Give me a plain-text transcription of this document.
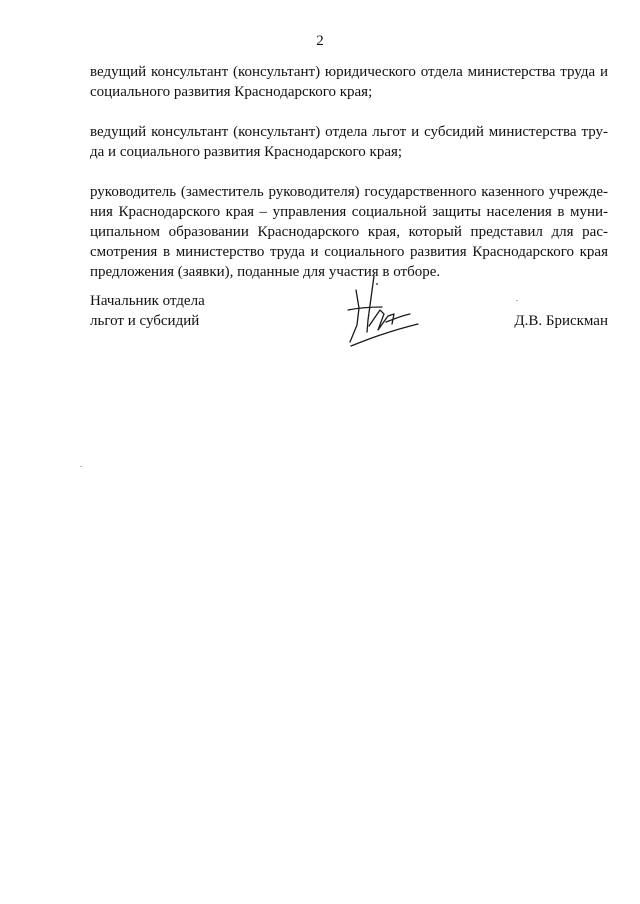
2

ведущий консультант (консультант) юридического отдела министерства труда и
социального развития Краснодарского края;

ведущий консультант (консультант) отдела льгот и субсидий министерства тру-
да и социального развития Краснодарского края;

руководитель (заместитель руководителя) государственного казенного учрежде-
ния Краснодарского края – управления социальной защиты населения в муни-
ципальном образовании Краснодарского края, который представил для рас-
смотрения в министерство труда и социального развития Краснодарского края
предложения (заявки), поданные для участия в отборе.

Начальник отдела
льгот и субсидий	Д.В. Брискман
